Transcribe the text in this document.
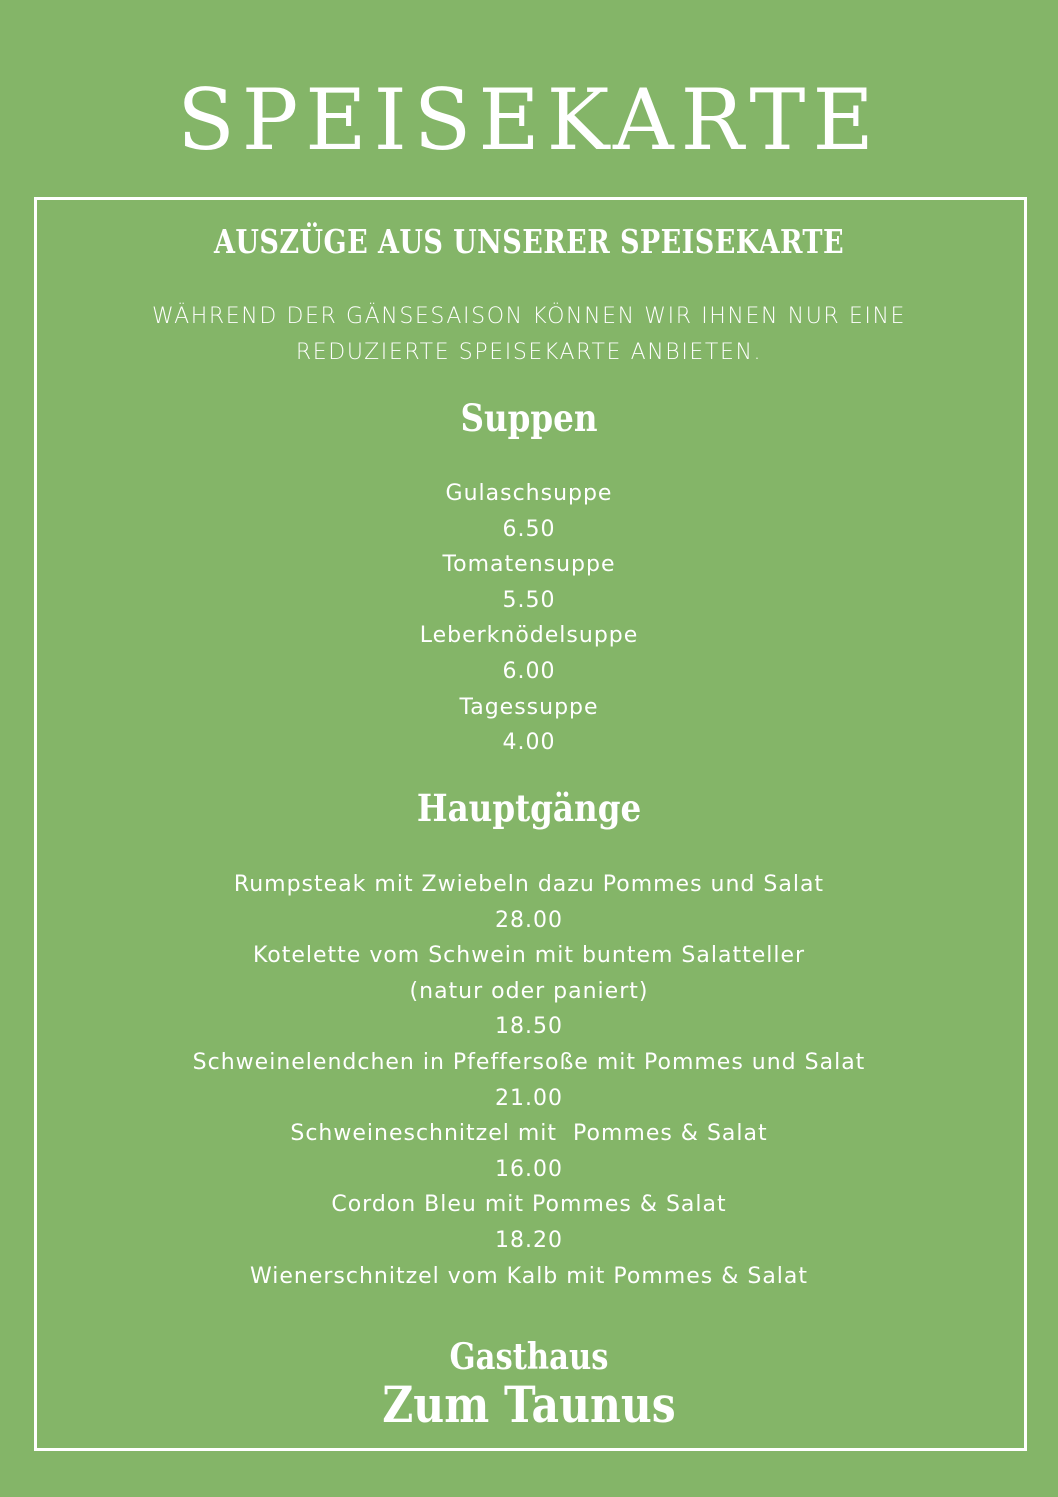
SPEISEKARTE
AUSZÜGE AUS UNSERER SPEISEKARTE
WÄHREND DER GÄNSESAISON KÖNNEN WIR IHNEN NUR EINE
REDUZIERTE SPEISEKARTE ANBIETEN.
Suppen
Gulaschsuppe
6.50
Tomatensuppe
5.50
Leberknödelsuppe
6.00
Tagessuppe
4.00
Hauptgänge
Rumpsteak mit Zwiebeln dazu Pommes und Salat
28.00
Kotelette vom Schwein mit buntem Salatteller
(natur oder paniert)
18.50
Schweinelendchen in Pfeffersoße mit Pommes und Salat
21.00
Schweineschnitzel mit  Pommes & Salat
16.00
Cordon Bleu mit Pommes & Salat
18.20
Wienerschnitzel vom Kalb mit Pommes & Salat
Gasthaus
Zum Taunus
